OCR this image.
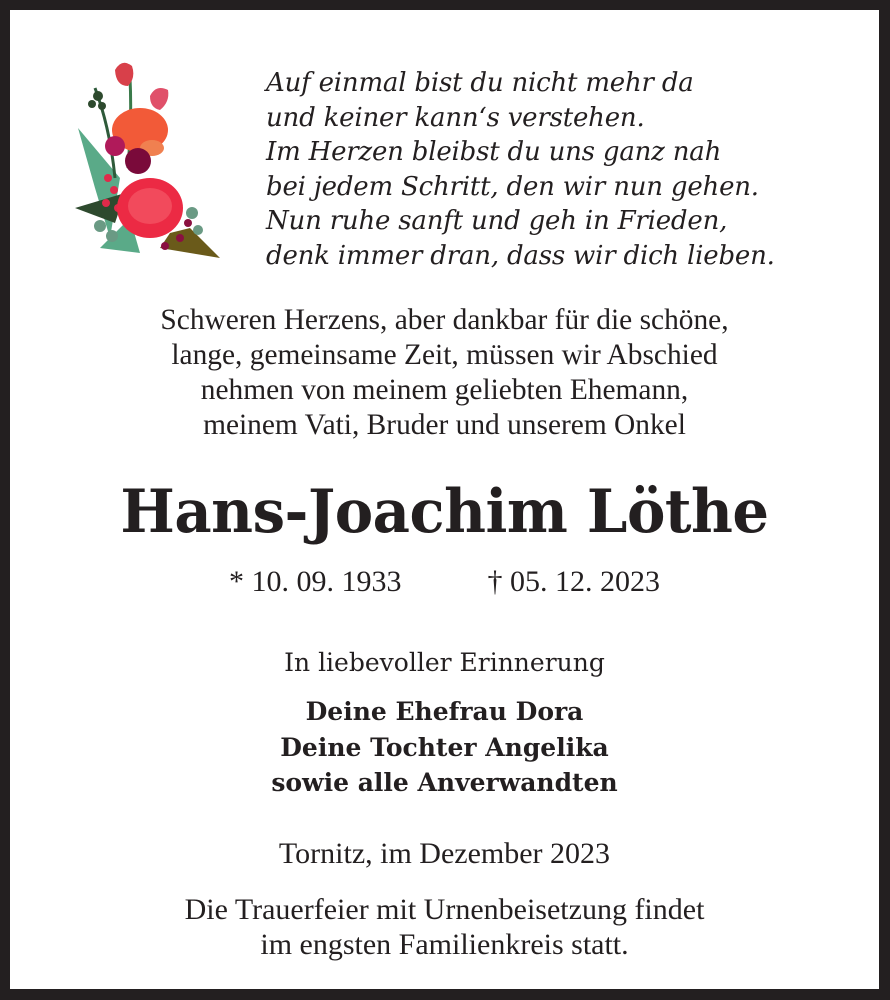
Auf einmal bist du nicht mehr da
und keiner kann‘s verstehen.
Im Herzen bleibst du uns ganz nah
bei jedem Schritt, den wir nun gehen.
Nun ruhe sanft und geh in Frieden,
denk immer dran, dass wir dich lieben.
Schweren Herzens, aber dankbar für die schöne,
lange, gemeinsame Zeit, müssen wir Abschied
nehmen von meinem geliebten Ehemann,
meinem Vati, Bruder und unserem Onkel
Hans-Joachim Löthe
* 10. 09. 1933	† 05. 12. 2023
In liebevoller Erinnerung
Deine Ehefrau Dora
Deine Tochter Angelika
sowie alle Anverwandten
Tornitz, im Dezember 2023
Die Trauerfeier mit Urnenbeisetzung findet
im engsten Familienkreis statt.
